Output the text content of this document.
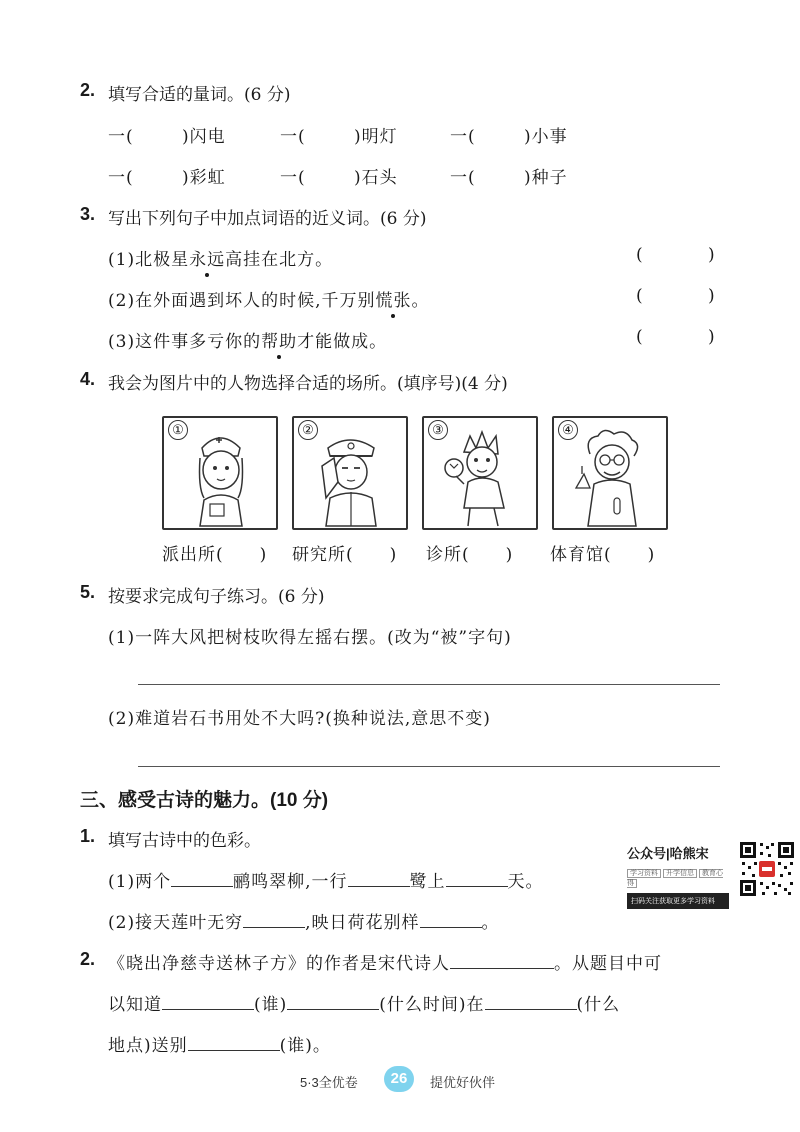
2. 填写合适的量词。(6 分)
一(	)闪电	一(	)明灯	一(	)小事
一(	)彩虹	一(	)石头	一(	)种子
3. 写出下列句子中加点词语的近义词。(6 分)
(1)北极星永远高挂在北方。	(	)
(2)在外面遇到坏人的时候,千万别慌张。	(	)
(3)这件事多亏你的帮助才能做成。	(	)
4. 我会为图片中的人物选择合适的场所。(填序号)(4 分)
①	②	③	④
派出所(　　) 研究所(　　) 诊所(　　) 体育馆(　　)
5. 按要求完成句子练习。(6 分)
(1)一阵大风把树枝吹得左摇右摆。(改为“被”字句)
(2)难道岩石书用处不大吗?(换种说法,意思不变)
三、感受古诗的魅力。(10 分)
1. 填写古诗中的色彩。
(1)两个	鹂鸣翠柳,一行	鹭上	天。
(2)接天莲叶无穷	,映日荷花别样	。
2. 《晓出净慈寺送林子方》的作者是宋代诗人	。从题目中可
以知道	(谁)	(什么时间)在	(什么
地点)送别	(谁)。
公众号|哈熊宋
学习资料 升学信息 教育心得
扫码关注获取更多学习资料
5·3全优卷	26	提优好伙伴
